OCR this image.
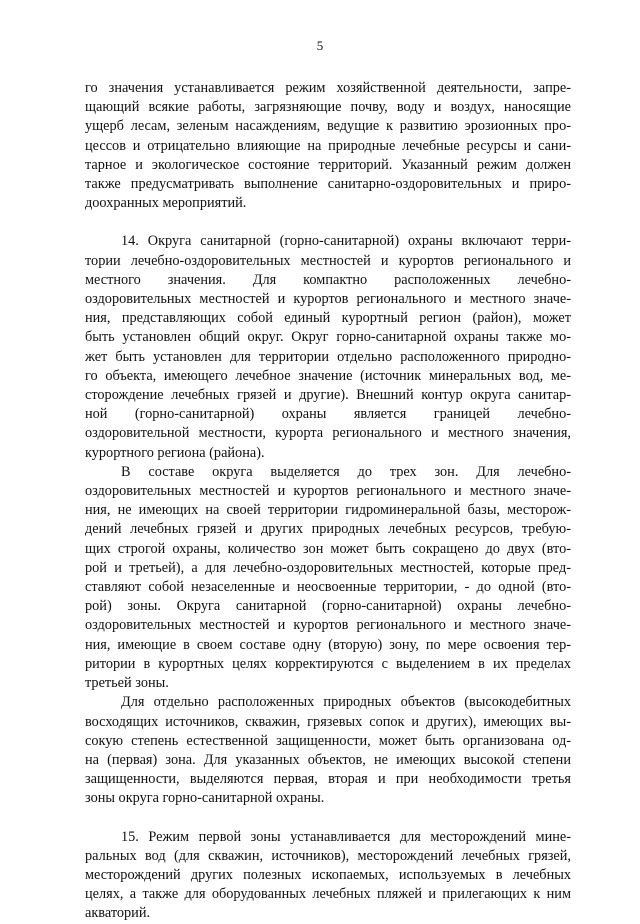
5
го значения устанавливается режим хозяйственной деятельности, запре-
щающий всякие работы, загрязняющие почву, воду и воздух, наносящие
ущерб лесам, зеленым насаждениям, ведущие к развитию эрозионных про-
цессов и отрицательно влияющие на природные лечебные ресурсы и сани-
тарное и экологическое состояние территорий. Указанный режим должен
также предусматривать выполнение санитарно-оздоровительных и приро-
доохранных мероприятий.
14. Округа санитарной (горно-санитарной) охраны включают терри-
тории лечебно-оздоровительных местностей и курортов регионального и
местного значения. Для компактно расположенных лечебно-
оздоровительных местностей и курортов регионального и местного значе-
ния, представляющих собой единый курортный регион (район), может
быть установлен общий округ. Округ горно-санитарной охраны также мо-
жет быть установлен для территории отдельно расположенного природно-
го объекта, имеющего лечебное значение (источник минеральных вод, ме-
сторождение лечебных грязей и другие). Внешний контур округа санитар-
ной (горно-санитарной) охраны является границей лечебно-
оздоровительной местности, курорта регионального и местного значения,
курортного региона (района).
В составе округа выделяется до трех зон. Для лечебно-
оздоровительных местностей и курортов регионального и местного значе-
ния, не имеющих на своей территории гидроминеральной базы, месторож-
дений лечебных грязей и других природных лечебных ресурсов, требую-
щих строгой охраны, количество зон может быть сокращено до двух (вто-
рой и третьей), а для лечебно-оздоровительных местностей, которые пред-
ставляют собой незаселенные и неосвоенные территории, - до одной (вто-
рой) зоны. Округа санитарной (горно-санитарной) охраны лечебно-
оздоровительных местностей и курортов регионального и местного значе-
ния, имеющие в своем составе одну (вторую) зону, по мере освоения тер-
ритории в курортных целях корректируются с выделением в их пределах
третьей зоны.
Для отдельно расположенных природных объектов (высокодебитных
восходящих источников, скважин, грязевых сопок и других), имеющих вы-
сокую степень естественной защищенности, может быть организована од-
на (первая) зона. Для указанных объектов, не имеющих высокой степени
защищенности, выделяются первая, вторая и при необходимости третья
зоны округа горно-санитарной охраны.
15. Режим первой зоны устанавливается для месторождений мине-
ральных вод (для скважин, источников), месторождений лечебных грязей,
месторождений других полезных ископаемых, используемых в лечебных
целях, а также для оборудованных лечебных пляжей и прилегающих к ним
акваторий.
